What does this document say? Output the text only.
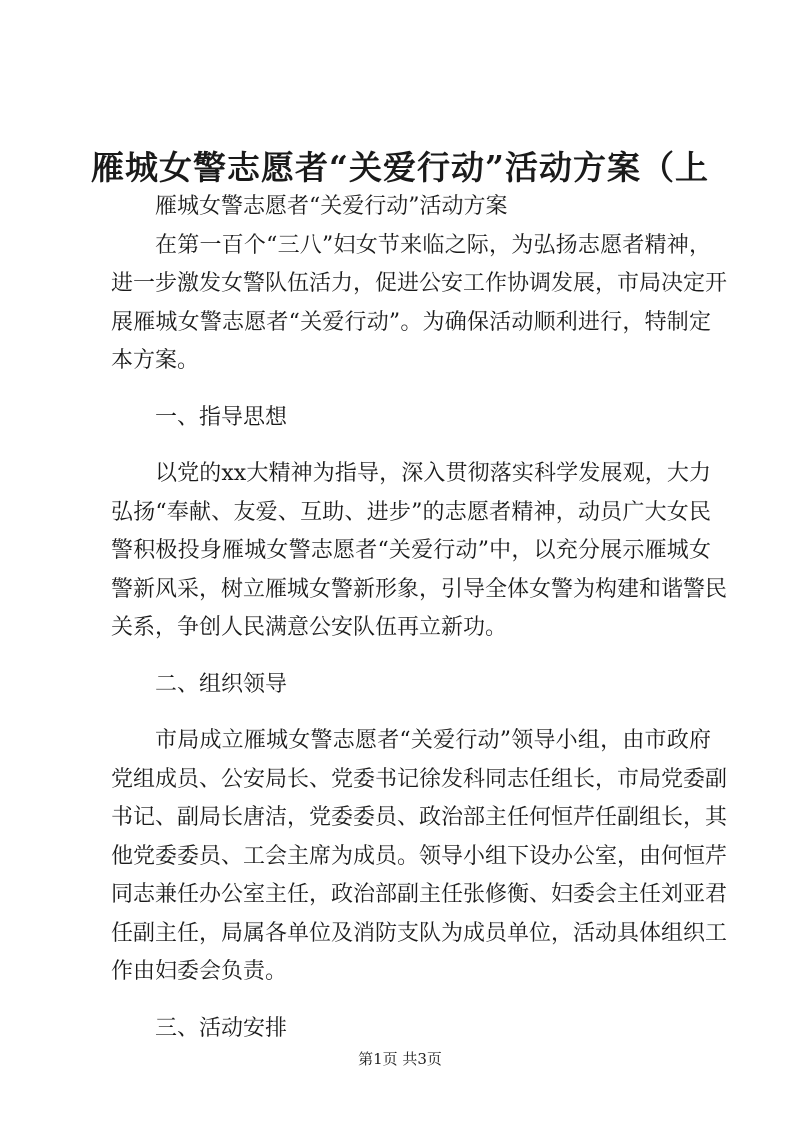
雁城女警志愿者“关爱行动”活动方案（上
雁城女警志愿者“关爱行动”活动方案
在第一百个“三八”妇女节来临之际，为弘扬志愿者精神，
进一步激发女警队伍活力，促进公安工作协调发展，市局决定开
展雁城女警志愿者“关爱行动”。为确保活动顺利进行，特制定
本方案。
一、指导思想
以党的xx大精神为指导，深入贯彻落实科学发展观，大力
弘扬“奉献、友爱、互助、进步”的志愿者精神，动员广大女民
警积极投身雁城女警志愿者“关爱行动”中，以充分展示雁城女
警新风采，树立雁城女警新形象，引导全体女警为构建和谐警民
关系，争创人民满意公安队伍再立新功。
二、组织领导
市局成立雁城女警志愿者“关爱行动”领导小组，由市政府
党组成员、公安局长、党委书记徐发科同志任组长，市局党委副
书记、副局长唐洁，党委委员、政治部主任何恒芹任副组长，其
他党委委员、工会主席为成员。领导小组下设办公室，由何恒芹
同志兼任办公室主任，政治部副主任张修衡、妇委会主任刘亚君
任副主任，局属各单位及消防支队为成员单位，活动具体组织工
作由妇委会负责。
三、活动安排
第1页 共3页
